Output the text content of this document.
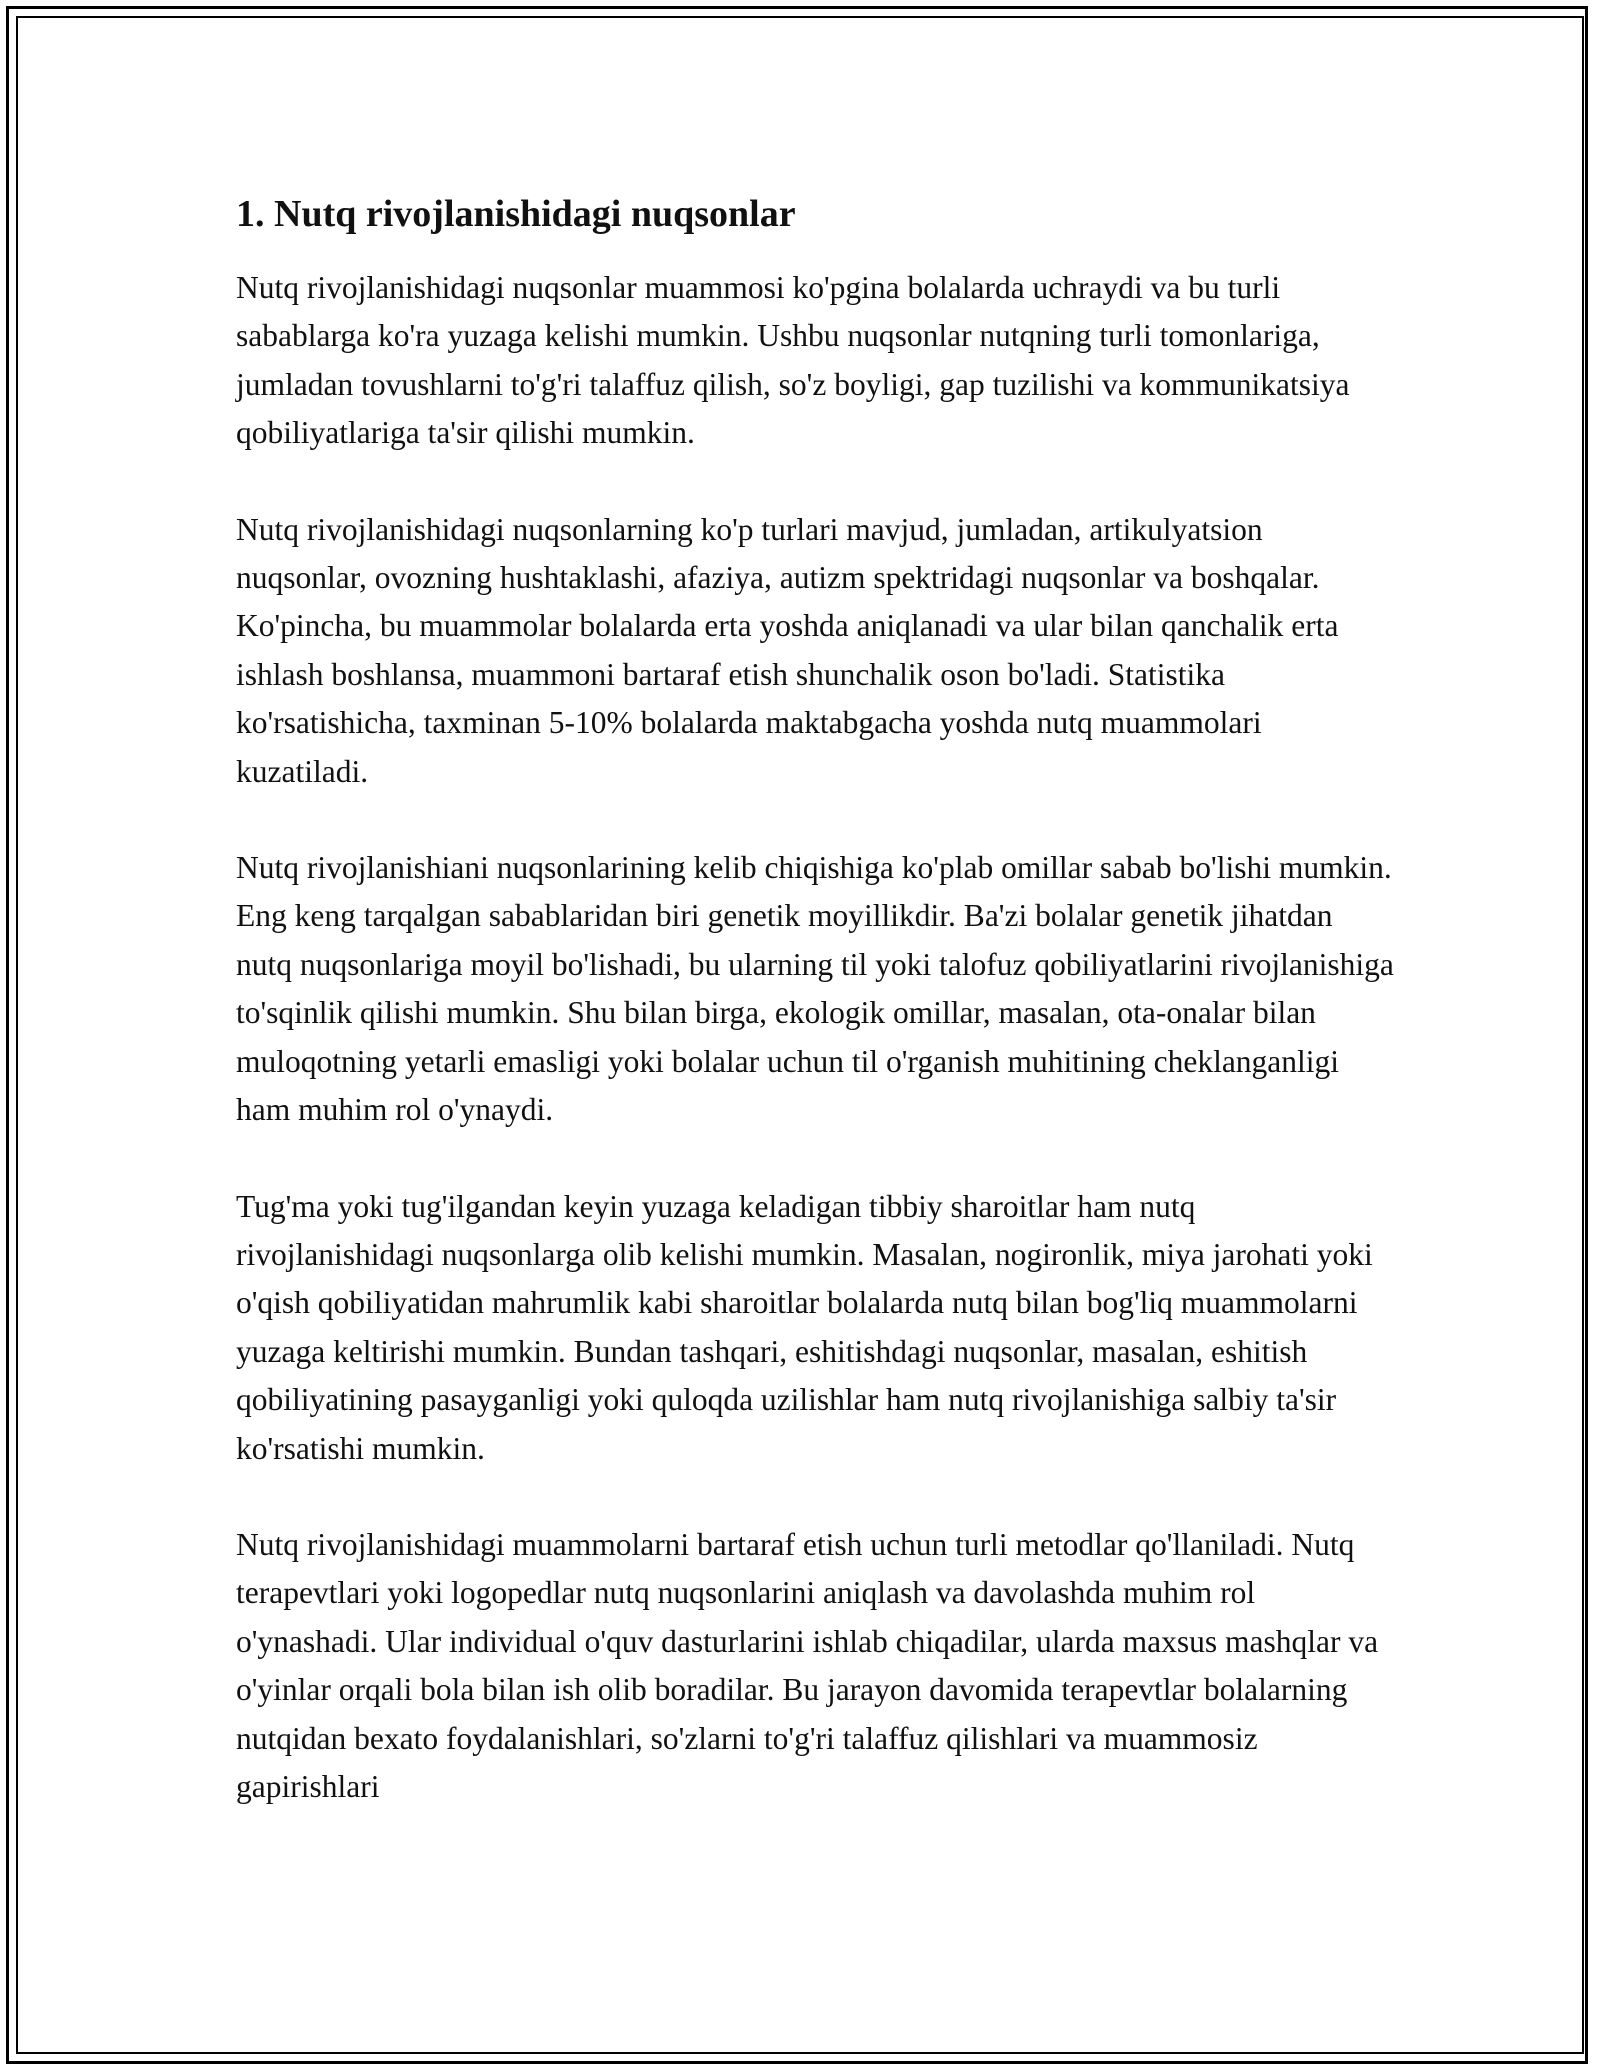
1. Nutq rivojlanishidagi nuqsonlar

Nutq rivojlanishidagi nuqsonlar muammosi ko'pgina bolalarda uchraydi va bu turli sabablarga ko'ra yuzaga kelishi mumkin. Ushbu nuqsonlar nutqning turli tomonlariga, jumladan tovushlarni to'g'ri talaffuz qilish, so'z boyligi, gap tuzilishi va kommunikatsiya qobiliyatlariga ta'sir qilishi mumkin.

Nutq rivojlanishidagi nuqsonlarning ko'p turlari mavjud, jumladan, artikulyatsion nuqsonlar, ovozning hushtaklashi, afaziya, autizm spektridagi nuqsonlar va boshqalar. Ko'pincha, bu muammolar bolalarda erta yoshda aniqlanadi va ular bilan qanchalik erta ishlash boshlansa, muammoni bartaraf etish shunchalik oson bo'ladi. Statistika ko'rsatishicha, taxminan 5-10% bolalarda maktabgacha yoshda nutq muammolari kuzatiladi.

Nutq rivojlanishiani nuqsonlarining kelib chiqishiga ko'plab omillar sabab bo'lishi mumkin. Eng keng tarqalgan sabablaridan biri genetik moyillikdir. Ba'zi bolalar genetik jihatdan nutq nuqsonlariga moyil bo'lishadi, bu ularning til yoki talofuz qobiliyatlarini rivojlanishiga to'sqinlik qilishi mumkin. Shu bilan birga, ekologik omillar, masalan, ota-onalar bilan muloqotning yetarli emasligi yoki bolalar uchun til o'rganish muhitining cheklanganligi ham muhim rol o'ynaydi.

Tug'ma yoki tug'ilgandan keyin yuzaga keladigan tibbiy sharoitlar ham nutq rivojlanishidagi nuqsonlarga olib kelishi mumkin. Masalan, nogironlik, miya jarohati yoki o'qish qobiliyatidan mahrumlik kabi sharoitlar bolalarda nutq bilan bog'liq muammolarni yuzaga keltirishi mumkin. Bundan tashqari, eshitishdagi nuqsonlar, masalan, eshitish qobiliyatining pasayganligi yoki quloqda uzilishlar ham nutq rivojlanishiga salbiy ta'sir ko'rsatishi mumkin.

Nutq rivojlanishidagi muammolarni bartaraf etish uchun turli metodlar qo'llaniladi. Nutq terapevtlari yoki logopedlar nutq nuqsonlarini aniqlash va davolashda muhim rol o'ynashadi. Ular individual o'quv dasturlarini ishlab chiqadilar, ularda maxsus mashqlar va o'yinlar orqali bola bilan ish olib boradilar. Bu jarayon davomida terapevtlar bolalarning nutqidan bexato foydalanishlari, so'zlarni to'g'ri talaffuz qilishlari va muammosiz gapirishlari
